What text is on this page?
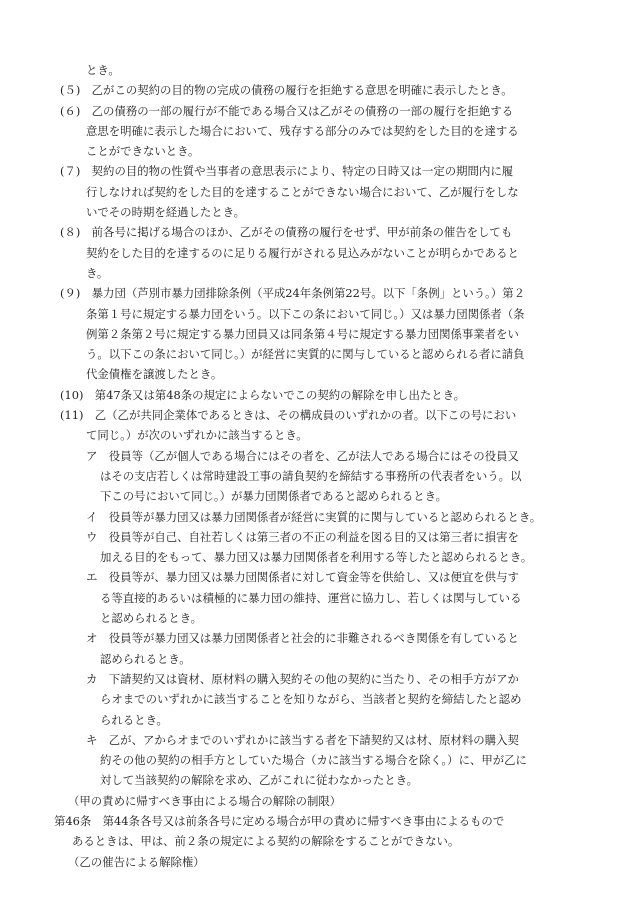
とき。
(５)　乙がこの契約の目的物の完成の債務の履行を拒絶する意思を明確に表示したとき。
(６)　乙の債務の一部の履行が不能である場合又は乙がその債務の一部の履行を拒絶する
意思を明確に表示した場合において、残存する部分のみでは契約をした目的を達する
ことができないとき。
(７)　契約の目的物の性質や当事者の意思表示により、特定の日時又は一定の期間内に履
行しなければ契約をした目的を達することができない場合において、乙が履行をしな
いでその時期を経過したとき。
(８)　前各号に掲げる場合のほか、乙がその債務の履行をせず、甲が前条の催告をしても
契約をした目的を達するのに足りる履行がされる見込みがないことが明らかであると
き。
(９)　暴力団（芦別市暴力団排除条例（平成24年条例第22号。以下「条例」という。）第２
条第１号に規定する暴力団をいう。以下この条において同じ。）又は暴力団関係者（条
例第２条第２号に規定する暴力団員又は同条第４号に規定する暴力団関係事業者をい
う。以下この条において同じ。）が経営に実質的に関与していると認められる者に請負
代金債権を譲渡したとき。
(10)　第47条又は第48条の規定によらないでこの契約の解除を申し出たとき。
(11)　乙（乙が共同企業体であるときは、その構成員のいずれかの者。以下この号におい
て同じ。）が次のいずれかに該当するとき。
ア　役員等（乙が個人である場合にはその者を、乙が法人である場合にはその役員又
はその支店若しくは常時建設工事の請負契約を締結する事務所の代表者をいう。以
下この号において同じ。）が暴力団関係者であると認められるとき。
イ　役員等が暴力団又は暴力団関係者が経営に実質的に関与していると認められるとき。
ウ　役員等が自己、自社若しくは第三者の不正の利益を図る目的又は第三者に損害を
加える目的をもって、暴力団又は暴力団関係者を利用する等したと認められるとき。
エ　役員等が、暴力団又は暴力団関係者に対して資金等を供給し、又は便宜を供与す
る等直接的あるいは積極的に暴力団の維持、運営に協力し、若しくは関与している
と認められるとき。
オ　役員等が暴力団又は暴力団関係者と社会的に非難されるべき関係を有していると
認められるとき。
カ　下請契約又は資材、原材料の購入契約その他の契約に当たり、その相手方がアか
らオまでのいずれかに該当することを知りながら、当該者と契約を締結したと認め
られるとき。
キ　乙が、アからオまでのいずれかに該当する者を下請契約又は材、原材料の購入契
約その他の契約の相手方としていた場合（カに該当する場合を除く。）に、甲が乙に
対して当該契約の解除を求め、乙がこれに従わなかったとき。
（甲の責めに帰すべき事由による場合の解除の制限）
第46条　第44条各号又は前条各号に定める場合が甲の責めに帰すべき事由によるもので
あるときは、甲は、前２条の規定による契約の解除をすることができない。
（乙の催告による解除権）
